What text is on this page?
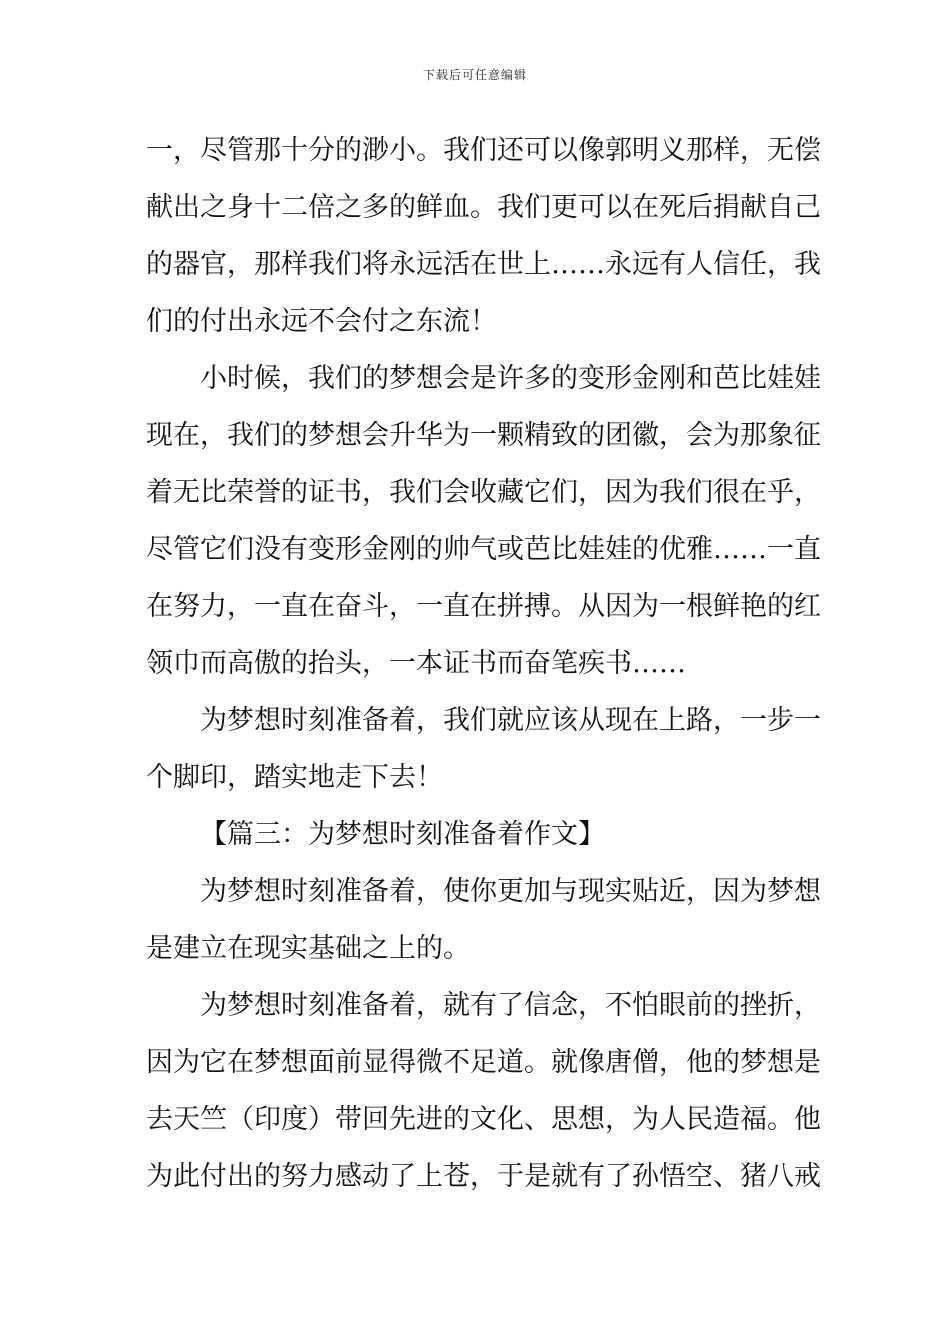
下载后可任意编辑
一，尽管那十分的渺小。我们还可以像郭明义那样，无偿
献出之身十二倍之多的鲜血。我们更可以在死后捐献自己
的器官，那样我们将永远活在世上……永远有人信任，我
们的付出永远不会付之东流！
小时候，我们的梦想会是许多的变形金刚和芭比娃娃
现在，我们的梦想会升华为一颗精致的团徽，会为那象征
着无比荣誉的证书，我们会收藏它们，因为我们很在乎，
尽管它们没有变形金刚的帅气或芭比娃娃的优雅……一直
在努力，一直在奋斗，一直在拼搏。从因为一根鲜艳的红
领巾而高傲的抬头，一本证书而奋笔疾书……
为梦想时刻准备着，我们就应该从现在上路，一步一
个脚印，踏实地走下去！
【篇三：为梦想时刻准备着作文】
为梦想时刻准备着，使你更加与现实贴近，因为梦想
是建立在现实基础之上的。
为梦想时刻准备着，就有了信念，不怕眼前的挫折，
因为它在梦想面前显得微不足道。就像唐僧，他的梦想是
去天竺（印度）带回先进的文化、思想，为人民造福。他
为此付出的努力感动了上苍，于是就有了孙悟空、猪八戒
